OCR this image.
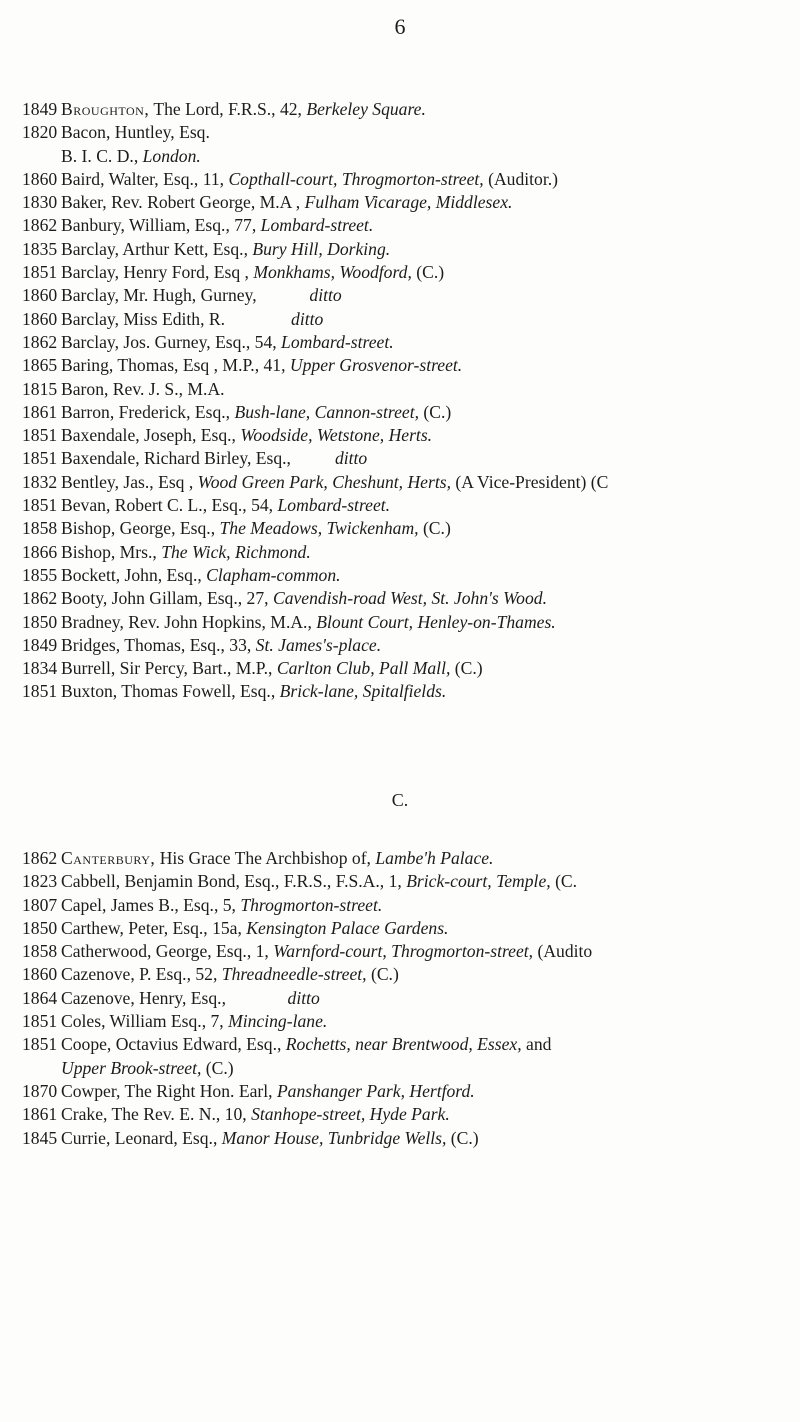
6
1849 Broughton, The Lord, F.R.S., 42, Berkeley Square.
1820 Bacon, Huntley, Esq.
B. I. C. D., London.
1860 Baird, Walter, Esq., 11, Copthall-court, Throgmorton-street, (Auditor.)
1830 Baker, Rev. Robert George, M.A , Fulham Vicarage, Middlesex.
1862 Banbury, William, Esq., 77, Lombard-street.
1835 Barclay, Arthur Kett, Esq., Bury Hill, Dorking.
1851 Barclay, Henry Ford, Esq , Monkhams, Woodford, (C.)
1860 Barclay, Mr. Hugh, Gurney,            ditto
1860 Barclay, Miss Edith, R.               ditto
1862 Barclay, Jos. Gurney, Esq., 54, Lombard-street.
1865 Baring, Thomas, Esq , M.P., 41, Upper Grosvenor-street.
1815 Baron, Rev. J. S., M.A.
1861 Barron, Frederick, Esq., Bush-lane, Cannon-street, (C.)
1851 Baxendale, Joseph, Esq., Woodside, Wetstone, Herts.
1851 Baxendale, Richard Birley, Esq.,          ditto
1832 Bentley, Jas., Esq , Wood Green Park, Cheshunt, Herts, (A Vice-President) (C
1851 Bevan, Robert C. L., Esq., 54, Lombard-street.
1858 Bishop, George, Esq., The Meadows, Twickenham, (C.)
1866 Bishop, Mrs., The Wick, Richmond.
1855 Bockett, John, Esq., Clapham-common.
1862 Booty, John Gillam, Esq., 27, Cavendish-road West, St. John's Wood.
1850 Bradney, Rev. John Hopkins, M.A., Blount Court, Henley-on-Thames.
1849 Bridges, Thomas, Esq., 33, St. James's-place.
1834 Burrell, Sir Percy, Bart., M.P., Carlton Club, Pall Mall, (C.)
1851 Buxton, Thomas Fowell, Esq., Brick-lane, Spitalfields.
C.
1862 Canterbury, His Grace The Archbishop of, Lambe'h Palace.
1823 Cabbell, Benjamin Bond, Esq., F.R.S., F.S.A., 1, Brick-court, Temple, (C.
1807 Capel, James B., Esq., 5, Throgmorton-street.
1850 Carthew, Peter, Esq., 15a, Kensington Palace Gardens.
1858 Catherwood, George, Esq., 1, Warnford-court, Throgmorton-street, (Audito
1860 Cazenove, P. Esq., 52, Threadneedle-street, (C.)
1864 Cazenove, Henry, Esq.,              ditto
1851 Coles, William Esq., 7, Mincing-lane.
1851 Coope, Octavius Edward, Esq., Rochetts, near Brentwood, Essex, and
Upper Brook-street, (C.)
1870 Cowper, The Right Hon. Earl, Panshanger Park, Hertford.
1861 Crake, The Rev. E. N., 10, Stanhope-street, Hyde Park.
1845 Currie, Leonard, Esq., Manor House, Tunbridge Wells, (C.)
